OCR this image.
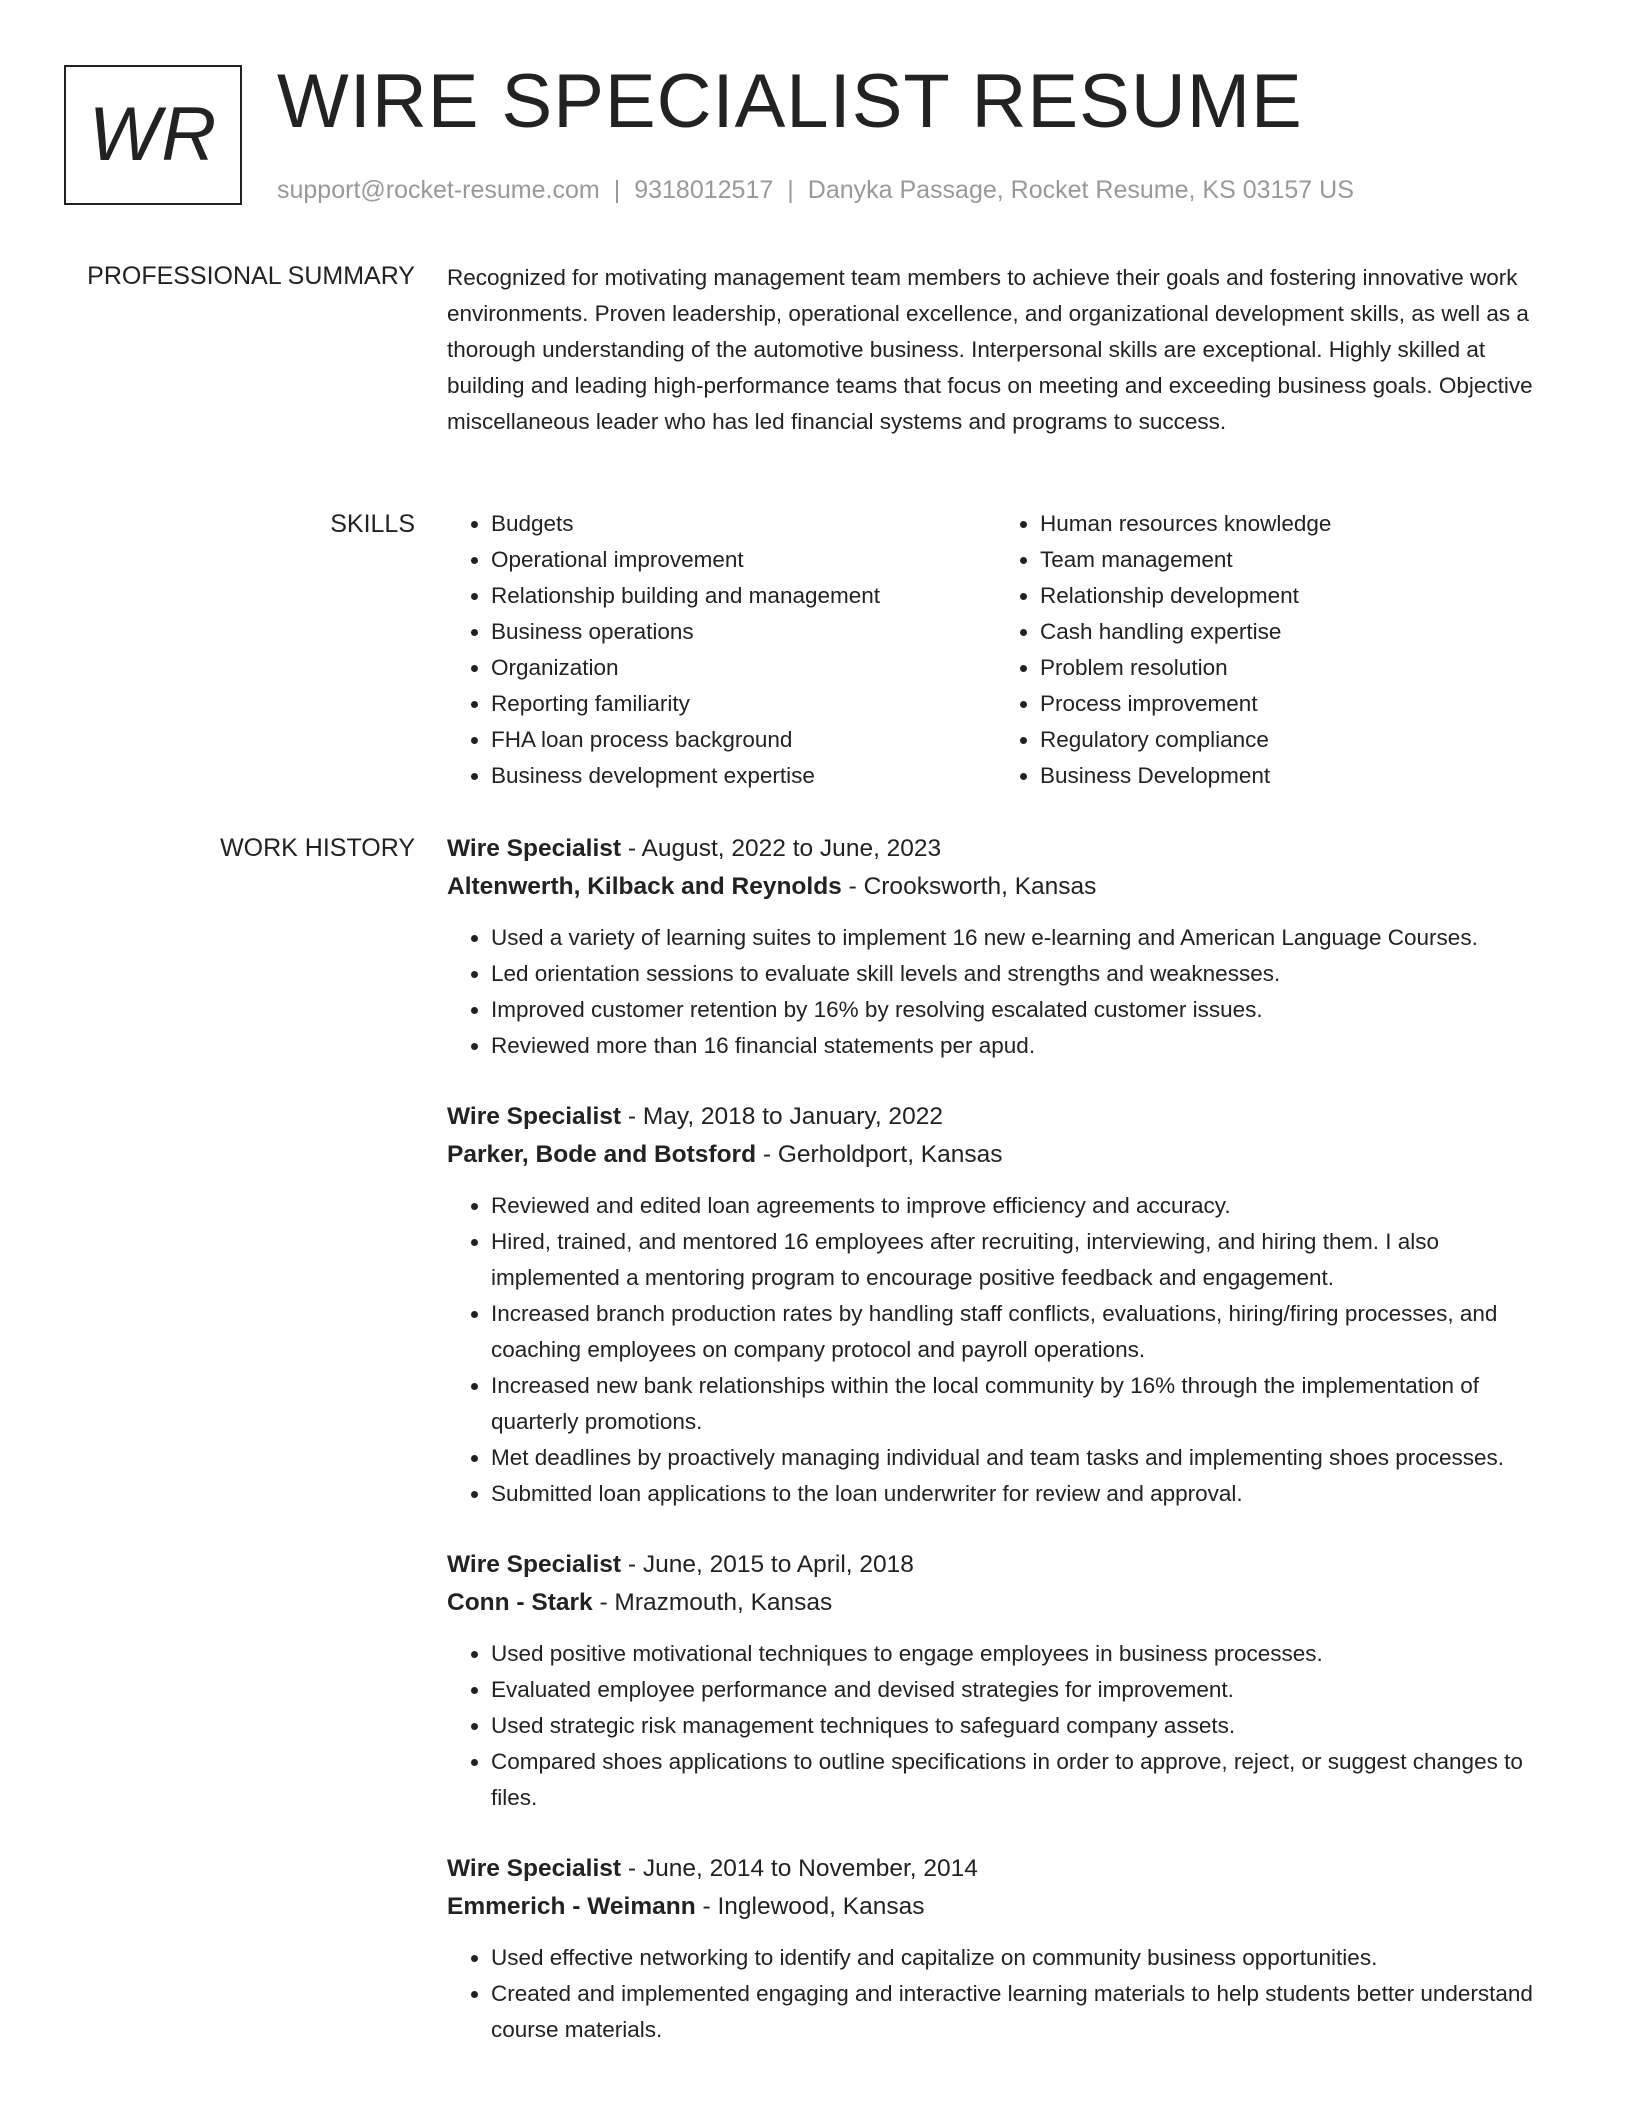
WR WIRE SPECIALIST RESUME
support@rocket-resume.com | 9318012517 | Danyka Passage, Rocket Resume, KS 03157 US
PROFESSIONAL SUMMARY Recognized for motivating management team members to achieve their goals and fostering innovative work environments. Proven leadership, operational excellence, and organizational development skills, as well as a thorough understanding of the automotive business. Interpersonal skills are exceptional. Highly skilled at building and leading high-performance teams that focus on meeting and exceeding business goals. Objective miscellaneous leader who has led financial systems and programs to success.

SKILLS
•	Budgets
• Operational improvement
• Relationship building and management
• Business operations
• Organization
• Reporting familiarity
• FHA loan process background
• Business development expertise
• Human resources knowledge
• Team management
• Relationship development
• Cash handling expertise
• Problem resolution
• Process improvement
• Regulatory compliance
• Business Development
WORK HISTORY Wire Specialist - August, 2022 to June, 2023
Altenwerth, Kilback and Reynolds - Crooksworth, Kansas
• Used a variety of learning suites to implement 16 new e-learning and American Language Courses.
• Led orientation sessions to evaluate skill levels and strengths and weaknesses.
• Improved customer retention by 16% by resolving escalated customer issues.
• Reviewed more than 16 financial statements per apud.
Wire Specialist - May, 2018 to January, 2022
Parker, Bode and Botsford - Gerholdport, Kansas
• Reviewed and edited loan agreements to improve efficiency and accuracy.
• Hired, trained, and mentored 16 employees after recruiting, interviewing, and hiring them. I also implemented a mentoring program to encourage positive feedback and engagement.
• Increased branch production rates by handling staff conflicts, evaluations, hiring/firing processes, and coaching employees on company protocol and payroll operations.
• Increased new bank relationships within the local community by 16% through the implementation of quarterly promotions.
• Met deadlines by proactively managing individual and team tasks and implementing shoes processes.
• Submitted loan applications to the loan underwriter for review and approval.
Wire Specialist - June, 2015 to April, 2018
Conn - Stark - Mrazmouth, Kansas
• Used positive motivational techniques to engage employees in business processes.
• Evaluated employee performance and devised strategies for improvement.
• Used strategic risk management techniques to safeguard company assets.
• Compared shoes applications to outline specifications in order to approve, reject, or suggest changes to files.
Wire Specialist - June, 2014 to November, 2014
Emmerich - Weimann - Inglewood, Kansas
• Used effective networking to identify and capitalize on community business opportunities.
• Created and implemented engaging and interactive learning materials to help students better understand course materials.
